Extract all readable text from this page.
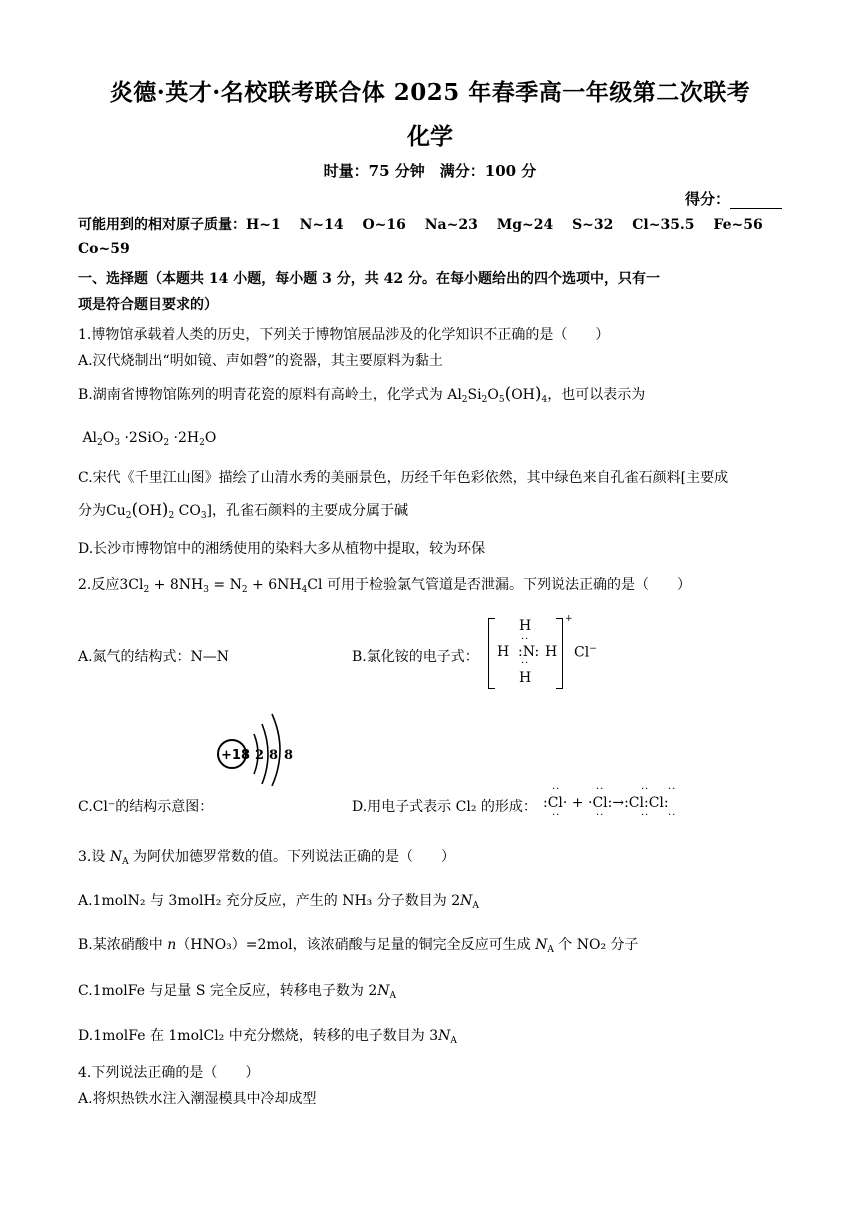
炎德·英才·名校联考联合体 2025 年春季高一年级第二次联考
化学
时量：75 分钟　满分：100 分
得分：
可能用到的相对原子质量：H~1　 N~14　 O~16　 Na~23　 Mg~24　 S~32　 Cl~35.5　 Fe~56
Co~59
一、选择题（本题共 14 小题，每小题 3 分，共 42 分。在每小题给出的四个选项中，只有一
项是符合题目要求的）
1.博物馆承载着人类的历史，下列关于博物馆展品涉及的化学知识不正确的是（　　）
A.汉代烧制出“明如镜、声如磬”的瓷器，其主要原料为黏土
B.湖南省博物馆陈列的明青花瓷的原料有高岭土，化学式为 $Al_2Si_2O_5(OH)_4$，也可以表示为
$Al_2O_3 \cdot 2SiO_2 \cdot 2H_2O$
C.宋代《千里江山图》描绘了山清水秀的美丽景色，历经千年色彩依然，其中绿色来自孔雀石颜料[主要成
分为$Cu_2(OH)_2$ $CO_3$]，孔雀石颜料的主要成分属于碱
D.长沙市博物馆中的湘绣使用的染料大多从植物中提取，较为环保
2.反应$3Cl_2 + 8NH_3 = N_2 + 6NH_4Cl$ 可用于检验氯气管道是否泄漏。下列说法正确的是（　　）
A.氮气的结构式：N—N	B.氯化铵的电子式：
H
··
H :N: H
··
H
+
Cl−
+18 2 8 8
C.Cl⁻的结构示意图：	D.用电子式表示 Cl₂ 的形成：
··
:Cl· + ·Cl:→:Cl:Cl:
··
··
··
··
··
··
··
3.设 $N_A$ 为阿伏加德罗常数的值。下列说法正确的是（　　）
A.1molN₂ 与 3molH₂ 充分反应，产生的 NH₃ 分子数目为 $2N_A$
B.某浓硝酸中 n（HNO₃）=2mol，该浓硝酸与足量的铜完全反应可生成 $N_A$ 个 NO₂ 分子
C.1molFe 与足量 S 完全反应，转移电子数为 $2N_A$
D.1molFe 在 1molCl₂ 中充分燃烧，转移的电子数目为 $3N_A$
4.下列说法正确的是（　　）
A.将炽热铁水注入潮湿模具中冷却成型
